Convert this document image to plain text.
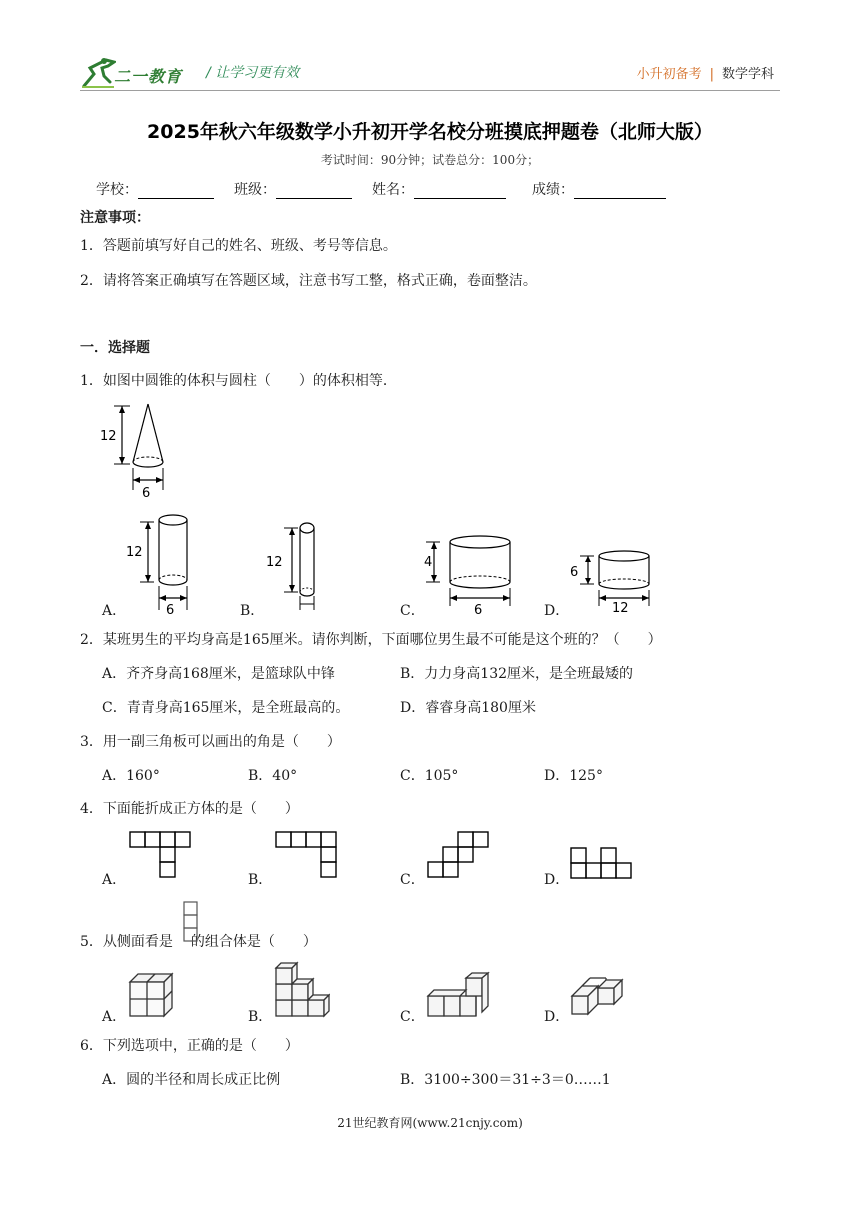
二一教育 / 让学习更有效	小升初备考 | 数学学科
2025年秋六年级数学小升初开学名校分班摸底押题卷（北师大版）
考试时间：90分钟；试卷总分：100分；
学校：	班级：	姓名：	成绩：
注意事项：
1．答题前填写好自己的姓名、班级、考号等信息。
2．请将答案正确填写在答题区域，注意书写工整，格式正确，卷面整洁。
一．选择题
1．如图中圆锥的体积与圆柱（　　）的体积相等．
12
6
A．
12
6	B．
12
C．
4
6	D．
6
12
2．某班男生的平均身高是165厘米。请你判断，下面哪位男生最不可能是这个班的？（　　）
A．齐齐身高168厘米，是篮球队中锋	B．力力身高132厘米，是全班最矮的
C．青青身高165厘米，是全班最高的。	D．睿睿身高180厘米
3．用一副三角板可以画出的角是（　　）
A．160°	B．40°	C．105°	D．125°
4．下面能折成正方体的是（　　）
A．	B．	C．	D．
5．从侧面看是 的组合体是（　　）
A．	B．	C．	D．
6．下列选项中，正确的是（　　）
A．圆的半径和周长成正比例	B．3100÷300＝31÷3＝0……1
21世纪教育网(www.21cnjy.com)
